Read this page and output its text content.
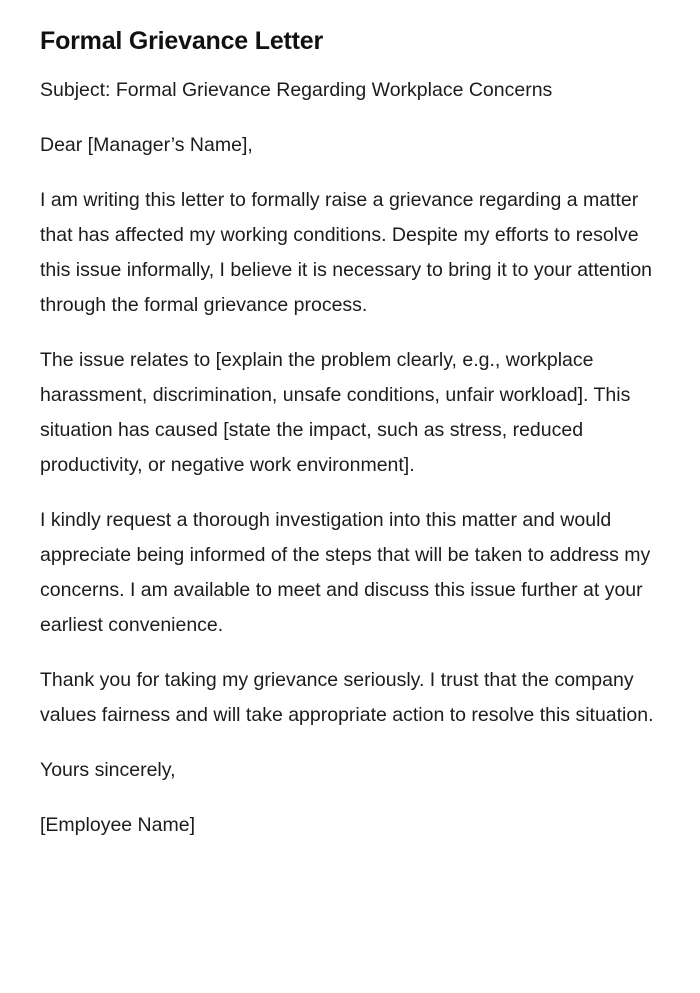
Formal Grievance Letter

Subject: Formal Grievance Regarding Workplace Concerns

Dear [Manager’s Name],

I am writing this letter to formally raise a grievance regarding a matter that has affected my working conditions. Despite my efforts to resolve this issue informally, I believe it is necessary to bring it to your attention through the formal grievance process.

The issue relates to [explain the problem clearly, e.g., workplace harassment, discrimination, unsafe conditions, unfair workload]. This situation has caused [state the impact, such as stress, reduced productivity, or negative work environment].

I kindly request a thorough investigation into this matter and would appreciate being informed of the steps that will be taken to address my concerns. I am available to meet and discuss this issue further at your earliest convenience.

Thank you for taking my grievance seriously. I trust that the company values fairness and will take appropriate action to resolve this situation.

Yours sincerely,

[Employee Name]
